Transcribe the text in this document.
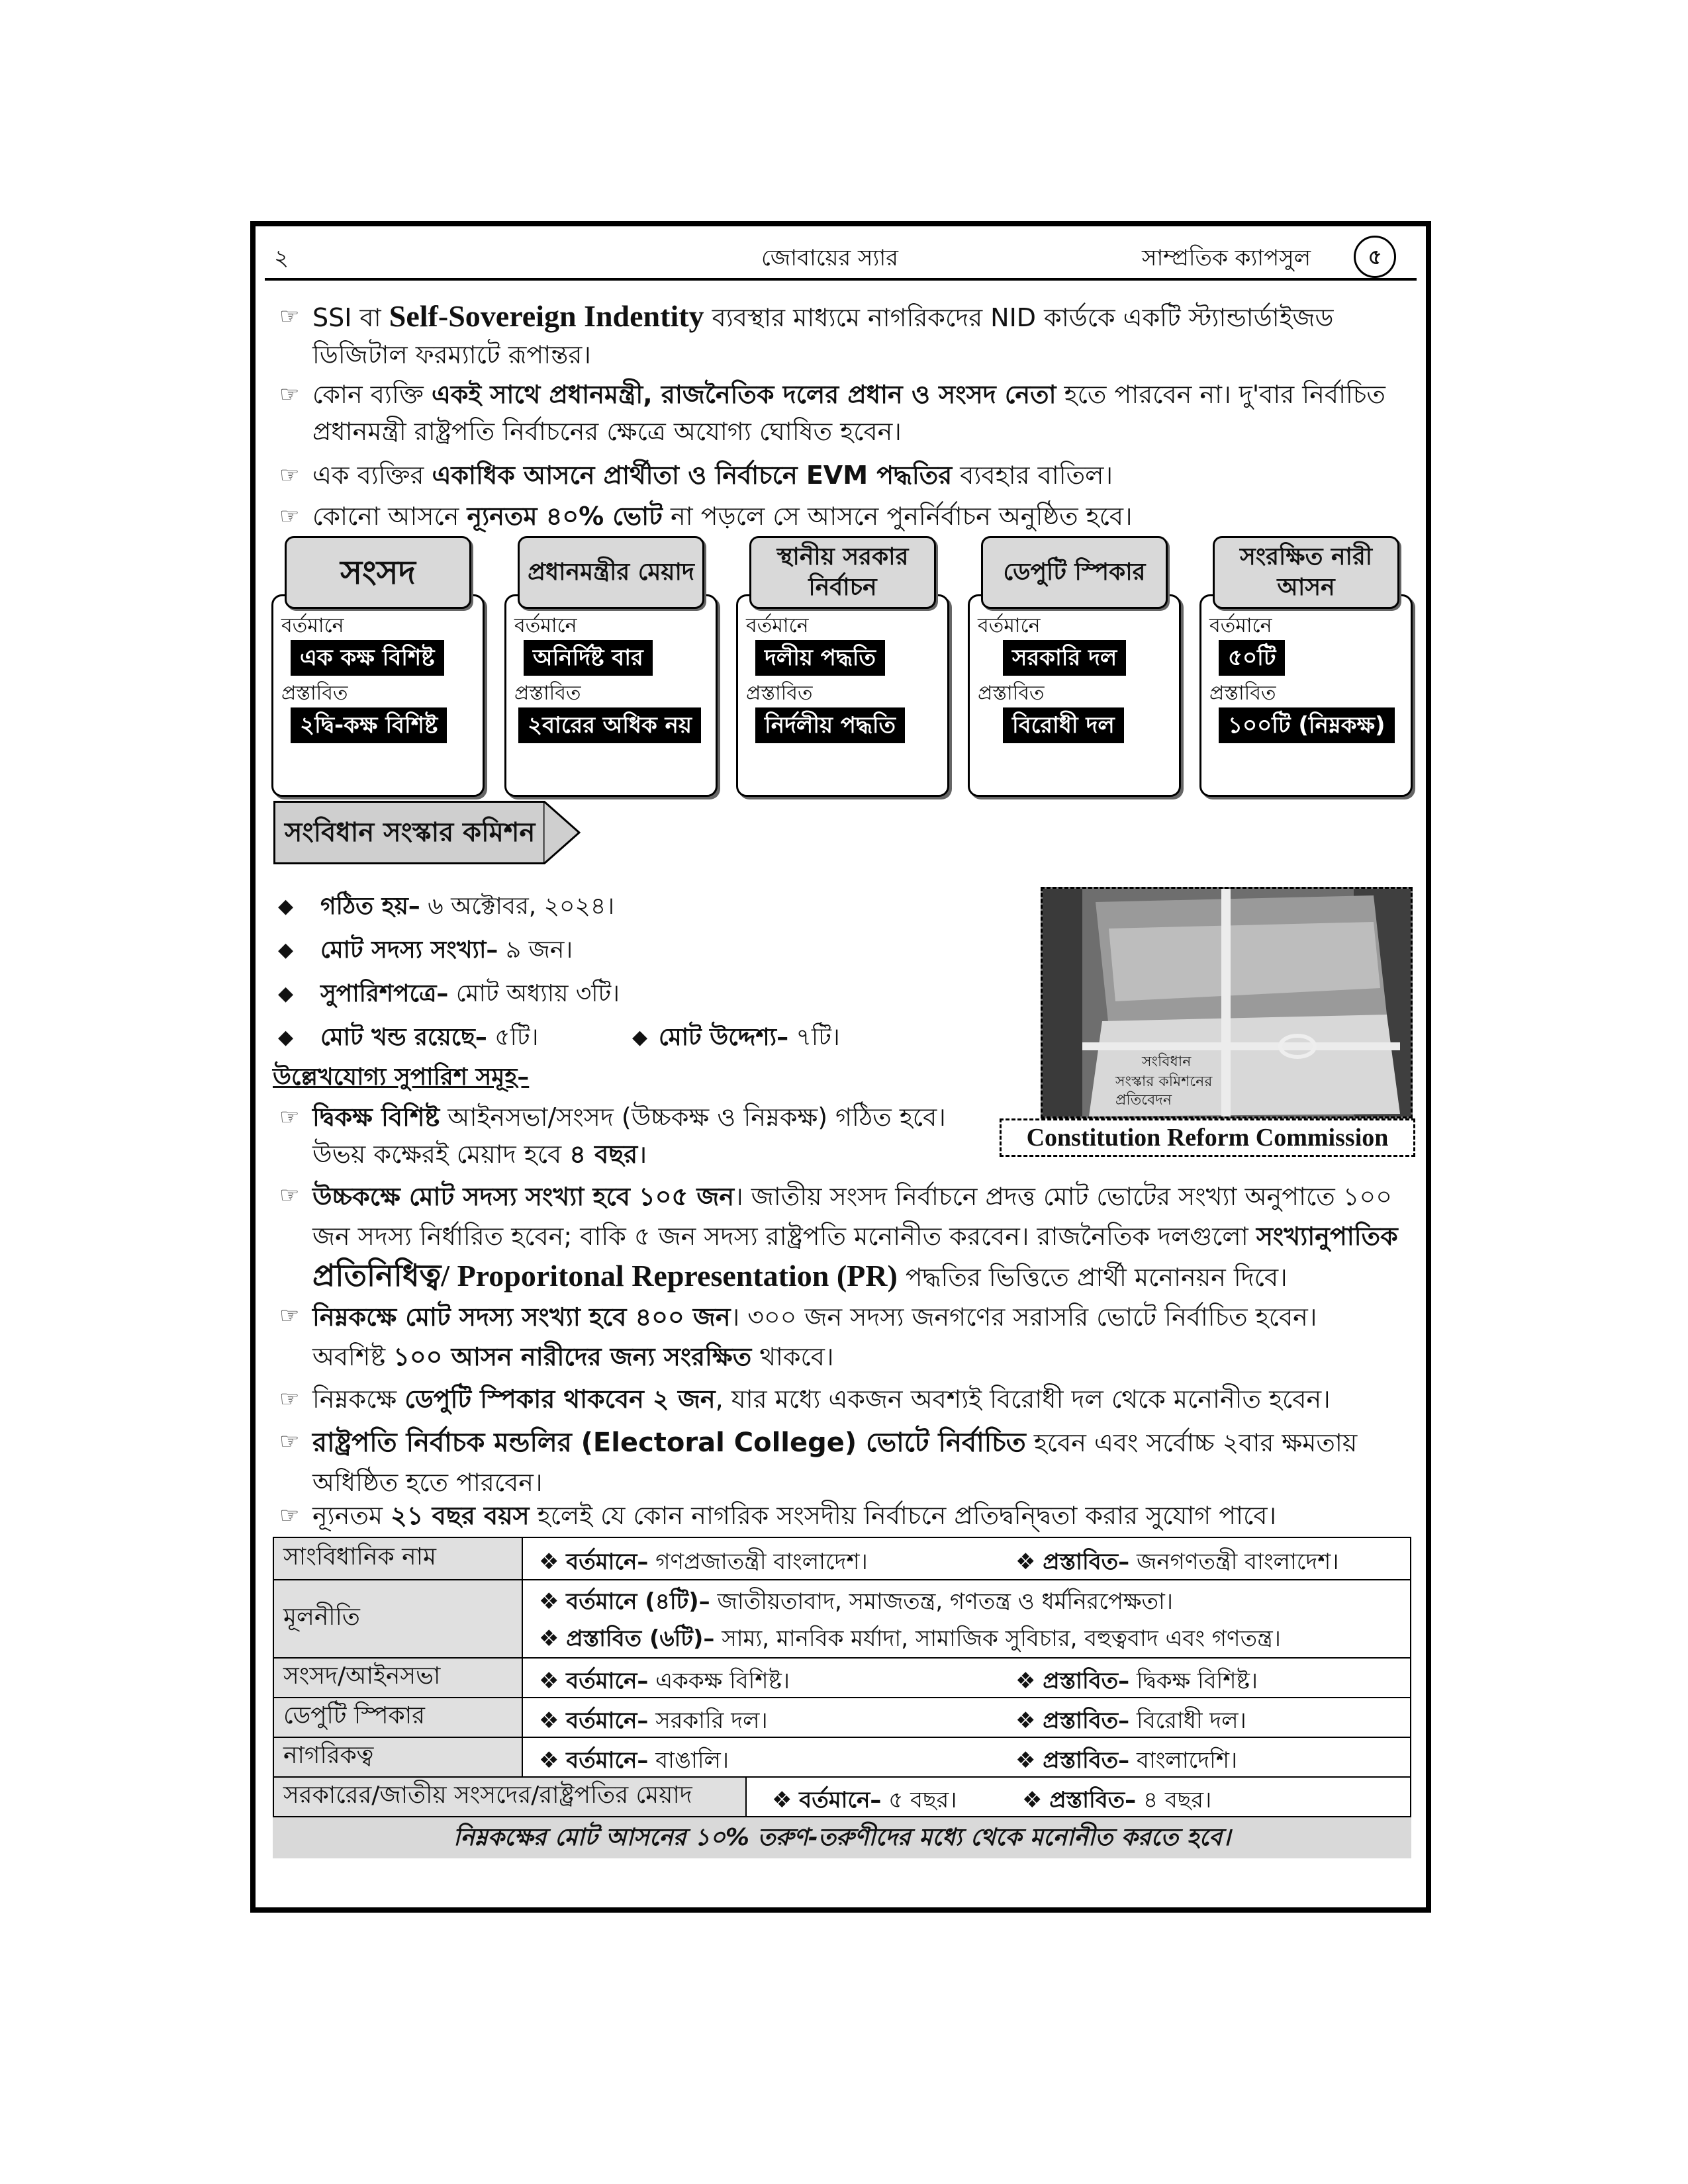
২	জোবায়ের স্যার	সাম্প্রতিক ক্যাপসুল	৫
☞ SSI বা Self-Sovereign Indentity ব্যবস্থার মাধ্যমে নাগরিকদের NID কার্ডকে একটি স্ট্যান্ডার্ডাইজড ডিজিটাল ফরম্যাটে রূপান্তর।
☞ কোন ব্যক্তি একই সাথে প্রধানমন্ত্রী, রাজনৈতিক দলের প্রধান ও সংসদ নেতা হতে পারবেন না। দু'বার নির্বাচিত প্রধানমন্ত্রী রাষ্ট্রপতি নির্বাচনের ক্ষেত্রে অযোগ্য ঘোষিত হবেন।
☞ এক ব্যক্তির একাধিক আসনে প্রার্থীতা ও নির্বাচনে EVM পদ্ধতির ব্যবহার বাতিল।
☞ কোনো আসনে ন্যূনতম ৪০% ভোট না পড়লে সে আসনে পুনর্নির্বাচন অনুষ্ঠিত হবে।
বর্তমানে
এক কক্ষ বিশিষ্ট
প্রস্তাবিত
২দ্বি-কক্ষ বিশিষ্ট
সংসদ
বর্তমানে
অনির্দিষ্ট বার
প্রস্তাবিত
২বারের অধিক নয়
প্রধানমন্ত্রীর মেয়াদ
বর্তমানে
দলীয় পদ্ধতি
প্রস্তাবিত
নির্দলীয় পদ্ধতি
স্থানীয় সরকার নির্বাচন
বর্তমানে
সরকারি দল
প্রস্তাবিত
বিরোধী দল
ডেপুটি স্পিকার
বর্তমানে
৫০টি
প্রস্তাবিত
১০০টি (নিম্নকক্ষ)
সংরক্ষিত নারী আসন
সংবিধান সংস্কার কমিশন
◆ গঠিত হয়– ৬ অক্টোবর, ২০২৪।
◆ মোট সদস্য সংখ্যা– ৯ জন।
◆ সুপারিশপত্রে– মোট অধ্যায় ৩টি।
◆ মোট খন্ড রয়েছে– ৫টি।	◆ মোট উদ্দেশ্য– ৭টি।
সংবিধান
সংস্কার কমিশনের
প্রতিবেদন
Constitution Reform Commission
উল্লেখযোগ্য সুপারিশ সমূহ–
☞ দ্বিকক্ষ বিশিষ্ট আইনসভা/সংসদ (উচ্চকক্ষ ও নিম্নকক্ষ) গঠিত হবে।
উভয় কক্ষেরই মেয়াদ হবে ৪ বছর।
☞ উচ্চকক্ষে মোট সদস্য সংখ্যা হবে ১০৫ জন। জাতীয় সংসদ নির্বাচনে প্রদত্ত মোট ভোটের সংখ্যা অনুপাতে ১০০
জন সদস্য নির্ধারিত হবেন; বাকি ৫ জন সদস্য রাষ্ট্রপতি মনোনীত করবেন। রাজনৈতিক দলগুলো সংখ্যানুপাতিক
প্রতিনিধিত্ব/ Proporitonal Representation (PR) পদ্ধতির ভিত্তিতে প্রার্থী মনোনয়ন দিবে।
☞ নিম্নকক্ষে মোট সদস্য সংখ্যা হবে ৪০০ জন। ৩০০ জন সদস্য জনগণের সরাসরি ভোটে নির্বাচিত হবেন।
অবশিষ্ট ১০০ আসন নারীদের জন্য সংরক্ষিত থাকবে।
☞ নিম্নকক্ষে ডেপুটি স্পিকার থাকবেন ২ জন, যার মধ্যে একজন অবশ্যই বিরোধী দল থেকে মনোনীত হবেন।
☞ রাষ্ট্রপতি নির্বাচক মন্ডলির (Electoral College) ভোটে নির্বাচিত হবেন এবং সর্বোচ্চ ২বার ক্ষমতায়
অধিষ্ঠিত হতে পারবেন।
☞ ন্যূনতম ২১ বছর বয়স হলেই যে কোন নাগরিক সংসদীয় নির্বাচনে প্রতিদ্বন্দ্বিতা করার সুযোগ পাবে।
সাংবিধানিক নাম	❖ বর্তমানে– গণপ্রজাতন্ত্রী বাংলাদেশ।	❖ প্রস্তাবিত– জনগণতন্ত্রী বাংলাদেশ।
মূলনীতি
❖ বর্তমানে (৪টি)– জাতীয়তাবাদ, সমাজতন্ত্র, গণতন্ত্র ও ধর্মনিরপেক্ষতা।
❖ প্রস্তাবিত (৬টি)– সাম্য, মানবিক মর্যাদা, সামাজিক সুবিচার, বহুত্ববাদ এবং গণতন্ত্র।
সংসদ/আইনসভা	❖ বর্তমানে– এককক্ষ বিশিষ্ট।	❖ প্রস্তাবিত– দ্বিকক্ষ বিশিষ্ট।
ডেপুটি স্পিকার	❖ বর্তমানে– সরকারি দল।	❖ প্রস্তাবিত– বিরোধী দল।
নাগরিকত্ব	❖ বর্তমানে– বাঙালি।	❖ প্রস্তাবিত– বাংলাদেশি।
সরকারের/জাতীয় সংসদের/রাষ্ট্রপতির মেয়াদ	❖ বর্তমানে– ৫ বছর।	❖ প্রস্তাবিত– ৪ বছর।
নিম্নকক্ষের মোট আসনের ১০% তরুণ-তরুণীদের মধ্যে থেকে মনোনীত করতে হবে।
